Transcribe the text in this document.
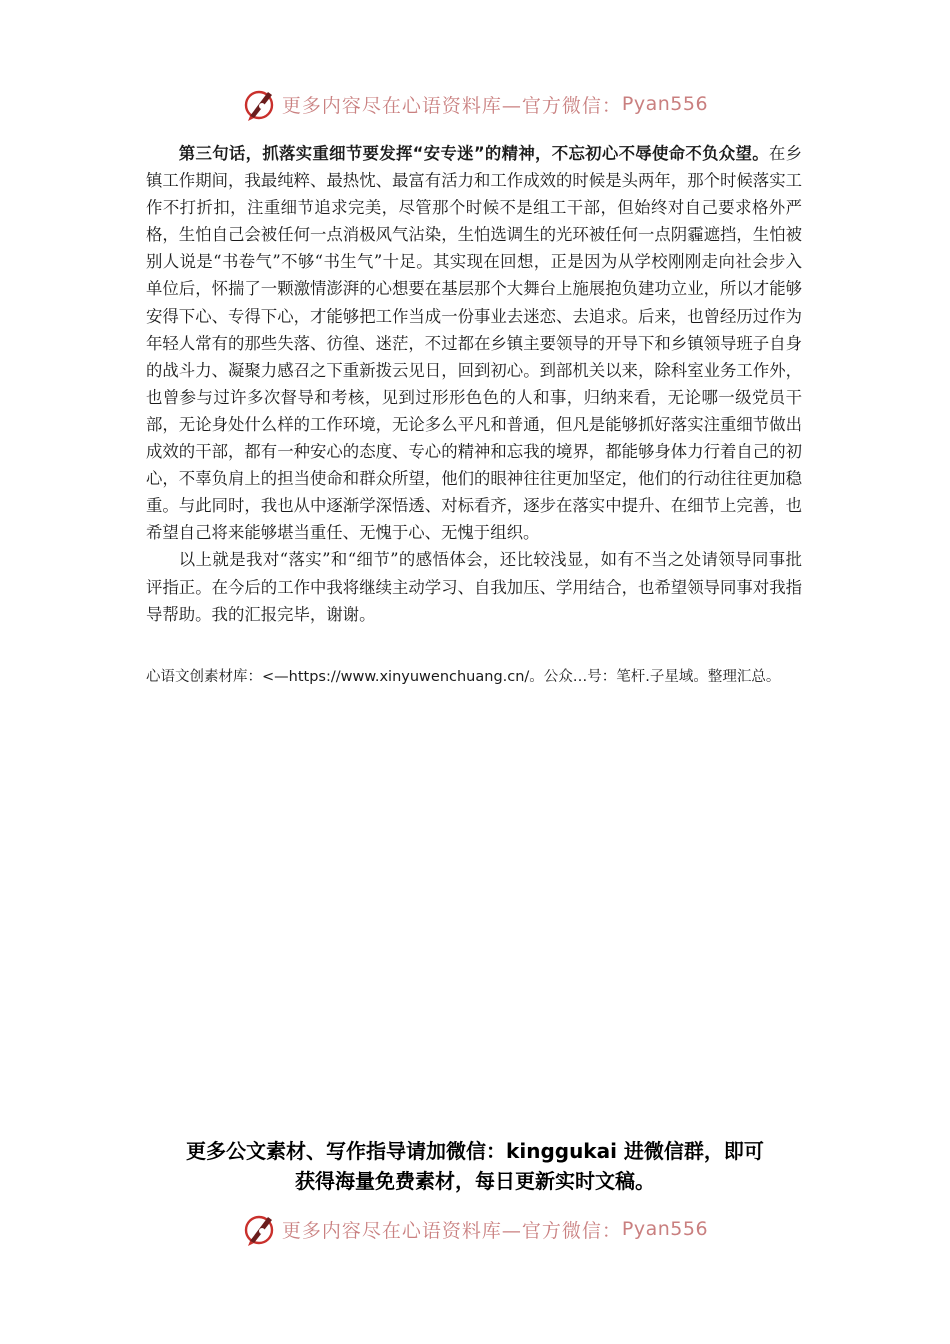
更多内容尽在心语资料库—官方微信： Pyan556

第三句话，抓落实重细节要发挥“安专迷”的精神，不忘初心不辱使命不负众望。在乡镇工作期间，我最纯粹、最热忱、最富有活力和工作成效的时候是头两年，那个时候落实工作不打折扣，注重细节追求完美，尽管那个时候不是组工干部，但始终对自己要求格外严格，生怕自己会被任何一点消极风气沾染，生怕选调生的光环被任何一点阴霾遮挡，生怕被别人说是“书卷气”不够“书生气”十足。其实现在回想，正是因为从学校刚刚走向社会步入单位后，怀揣了一颗激情澎湃的心想要在基层那个大舞台上施展抱负建功立业，所以才能够安得下心、专得下心，才能够把工作当成一份事业去迷恋、去追求。后来，也曾经历过作为年轻人常有的那些失落、彷徨、迷茫，不过都在乡镇主要领导的开导下和乡镇领导班子自身的战斗力、凝聚力感召之下重新拨云见日，回到初心。到部机关以来，除科室业务工作外，也曾参与过许多次督导和考核，见到过形形色色的人和事，归纳来看，无论哪一级党员干部，无论身处什么样的工作环境，无论多么平凡和普通，但凡是能够抓好落实注重细节做出成效的干部，都有一种安心的态度、专心的精神和忘我的境界，都能够身体力行着自己的初心，不辜负肩上的担当使命和群众所望，他们的眼神往往更加坚定，他们的行动往往更加稳重。与此同时，我也从中逐渐学深悟透、对标看齐，逐步在落实中提升、在细节上完善，也希望自己将来能够堪当重任、无愧于心、无愧于组织。

以上就是我对“落实”和“细节”的感悟体会，还比较浅显，如有不当之处请领导同事批评指正。在今后的工作中我将继续主动学习、自我加压、学用结合，也希望领导同事对我指导帮助。我的汇报完毕，谢谢。

心语文创素材库：<—https://www.xinyuwenchuang.cn/。公众…号：笔杆.子星域。整理汇总。
更多公文素材、写作指导请加微信：kinggukai 进微信群，即可
获得海量免费素材，每日更新实时文稿。
更多内容尽在心语资料库—官方微信： Pyan556
